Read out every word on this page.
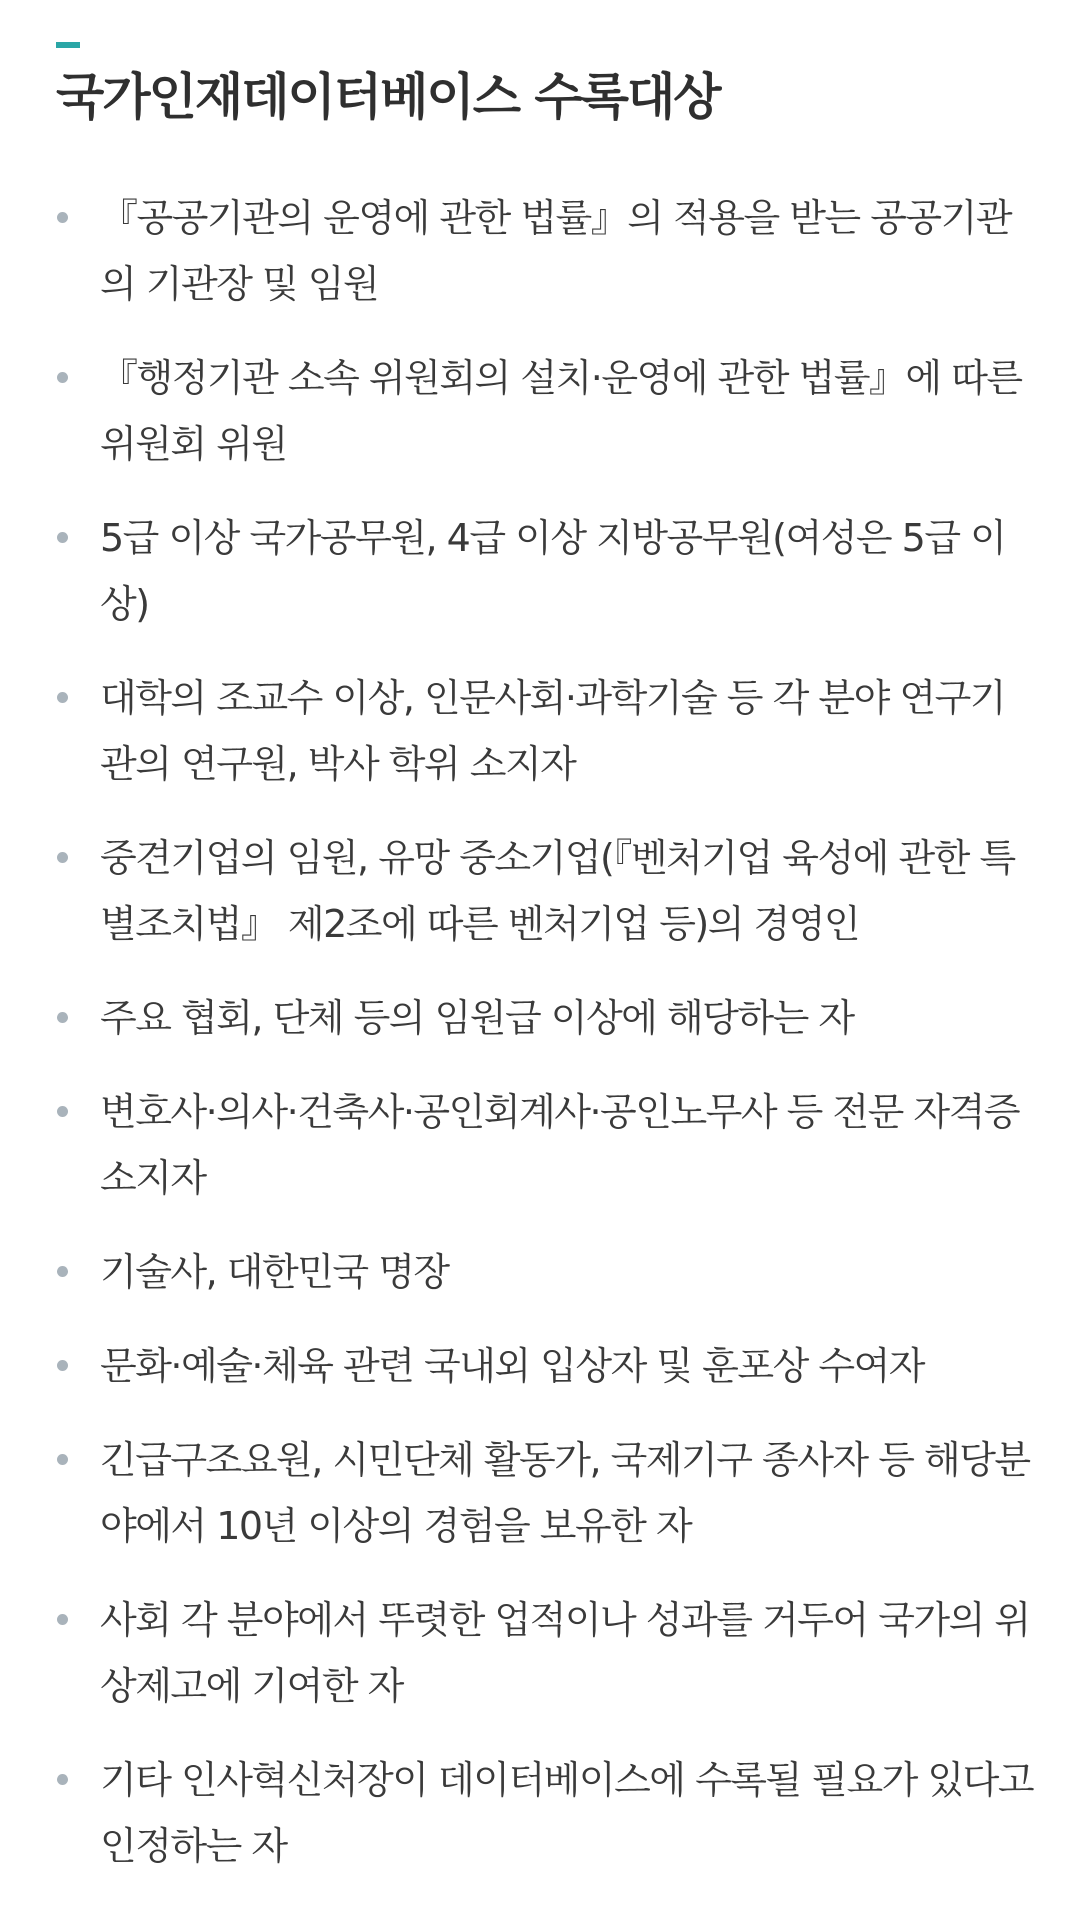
국가인재데이터베이스 수록대상
『공공기관의 운영에 관한 법률』의 적용을 받는 공공기관의 기관장 및 임원
『행정기관 소속 위원회의 설치·운영에 관한 법률』에 따른 위원회 위원
5급 이상 국가공무원, 4급 이상 지방공무원(여성은 5급 이상)
대학의 조교수 이상, 인문사회·과학기술 등 각 분야 연구기관의 연구원, 박사 학위 소지자
중견기업의 임원, 유망 중소기업(『벤처기업 육성에 관한 특별조치법』 제2조에 따른 벤처기업 등)의 경영인
주요 협회, 단체 등의 임원급 이상에 해당하는 자
변호사·의사·건축사·공인회계사·공인노무사 등 전문 자격증 소지자
기술사, 대한민국 명장
문화·예술·체육 관련 국내외 입상자 및 훈포상 수여자
긴급구조요원, 시민단체 활동가, 국제기구 종사자 등 해당분야에서 10년 이상의 경험을 보유한 자
사회 각 분야에서 뚜렷한 업적이나 성과를 거두어 국가의 위상제고에 기여한 자
기타 인사혁신처장이 데이터베이스에 수록될 필요가 있다고 인정하는 자
